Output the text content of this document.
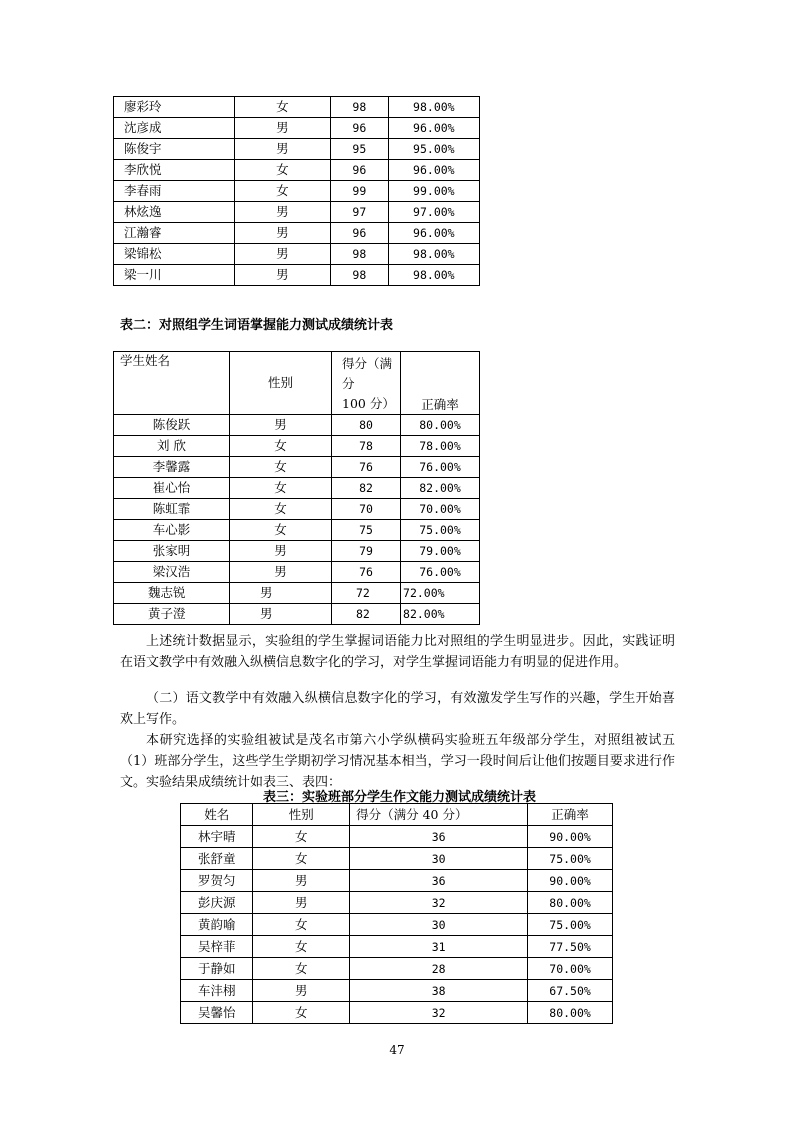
廖彩玲	女	98	98.00%
沈彦成	男	96	96.00%
陈俊宇	男	95	95.00%
李欣悦	女	96	96.00%
李春雨	女	99	99.00%
林炫逸	男	97	97.00%
江瀚睿	男	96	96.00%
梁锦松	男	98	98.00%
梁一川	男	98	98.00%
表二：对照组学生词语掌握能力测试成绩统计表
学生姓名	性别	得分（满分
100 分）	正确率
陈俊跃	男	80	80.00%
刘 欣	女	78	78.00%
李馨露	女	76	76.00%
崔心怡	女	82	82.00%
陈虹霏	女	70	70.00%
车心影	女	75	75.00%
张家明	男	79	79.00%
梁汉浩	男	76	76.00%
魏志锐	男	72	72.00%
黄子澄	男	82	82.00%
上述统计数据显示，实验组的学生掌握词语能力比对照组的学生明显进步。因此，实践证明在语文教学中有效融入纵横信息数字化的学习，对学生掌握词语能力有明显的促进作用。
（二）语文教学中有效融入纵横信息数字化的学习，有效激发学生写作的兴趣，学生开始喜欢上写作。
本研究选择的实验组被试是茂名市第六小学纵横码实验班五年级部分学生，对照组被试五（1）班部分学生，这些学生学期初学习情况基本相当，学习一段时间后让他们按题目要求进行作文。实验结果成绩统计如表三、表四：
表三：实验班部分学生作文能力测试成绩统计表
姓名	性别	得分（满分 40 分）	正确率
林宇晴	女	36	90.00%
张舒童	女	30	75.00%
罗贺匀	男	36	90.00%
彭庆源	男	32	80.00%
黄韵喻	女	30	75.00%
吴梓菲	女	31	77.50%
于静如	女	28	70.00%
车沣栩	男	38	67.50%
吴馨怡	女	32	80.00%
47
